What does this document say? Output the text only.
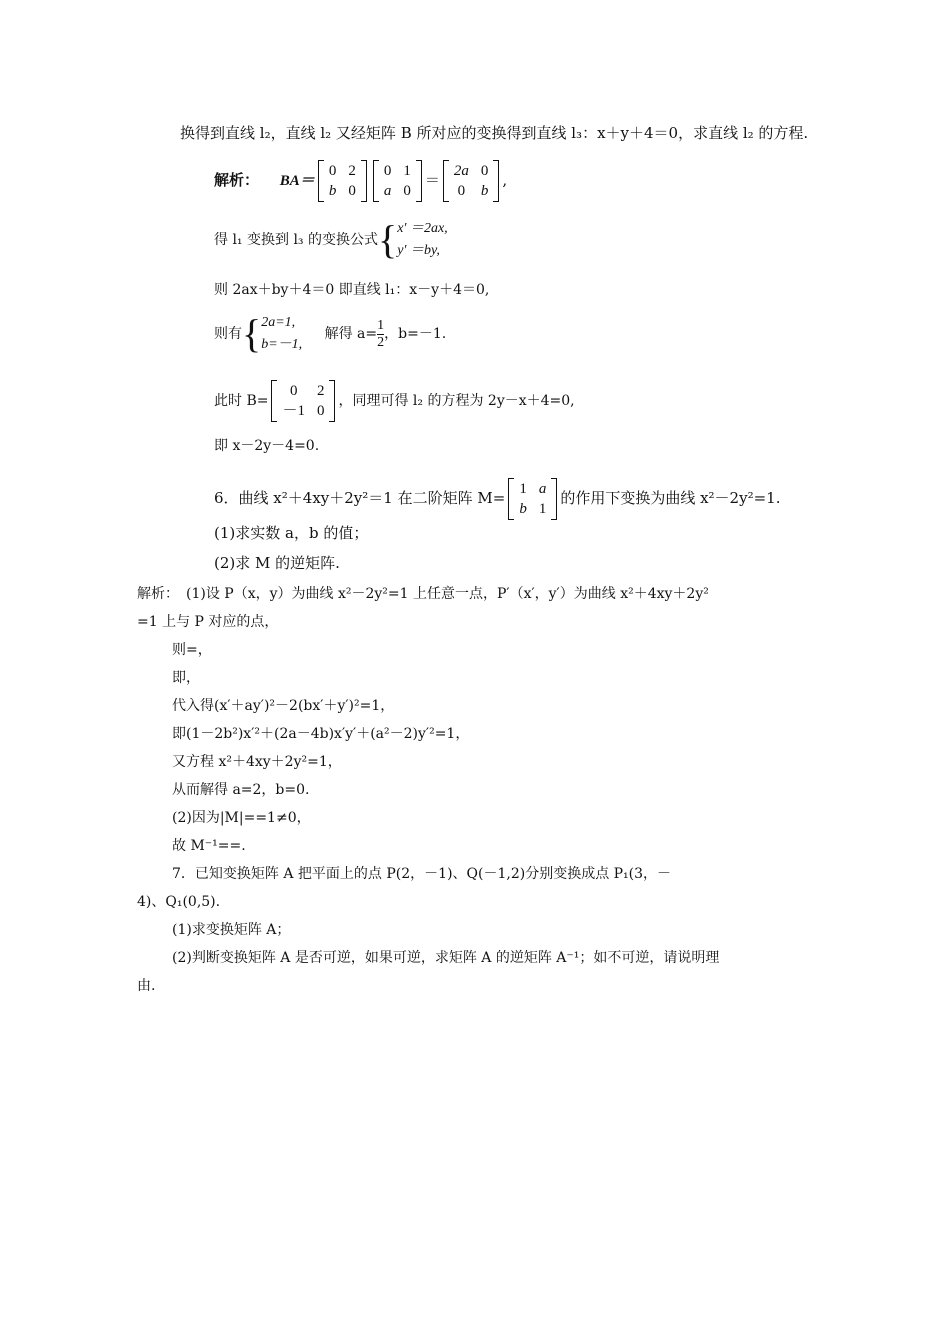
换得到直线 l₂，直线 l₂ 又经矩阵 B 所对应的变换得到直线 l₃：x＋y＋4＝0，求直线 l₂ 的方程.
解析： BA＝
0	2
b	0
0	1
a	0
＝ 2a	0
0	b
,
得 l₁ 变换到 l₃ 的变换公式{ x′ ＝2ax,
y′ ＝by,
则 2ax＋by＋4＝0 即直线 l₁：x－y＋4＝0,
则有{ 2a=1,
b=－1,
解得 $a= \frac{1}{2}$ ，b=－1.
此时 B=
0	2
－1	0
，同理可得 l₂ 的方程为 2y－x＋4=0,
即 x－2y－4=0.
6．曲线 x²＋4xy＋2y²＝1 在二阶矩阵 M= 1	a
b	1
的作用下变换为曲线 x²－2y²=1.
(1)求实数 a，b 的值；
(2)求 M 的逆矩阵.
解析：　(1)设 P（x，y）为曲线 x²－2y²=1 上任意一点，P′（x′，y′）为曲线 x²＋4xy＋2y²
=1 上与 P 对应的点，
则=，
即，
代入得(x′＋ay′)²－2(bx′＋y′)²=1，
即(1－2b²)x′²＋(2a－4b)x′y′＋(a²－2)y′²=1，
又方程 x²＋4xy＋2y²=1，
从而解得 a=2，b=0.
(2)因为|M|==1≠0，
故 M⁻¹==.
7．已知变换矩阵 A 把平面上的点 P(2，－1)、Q(－1,2)分别变换成点 P₁(3，－
4)、Q₁(0,5).
(1)求变换矩阵 A；
(2)判断变换矩阵 A 是否可逆，如果可逆，求矩阵 A 的逆矩阵 A⁻¹；如不可逆，请说明理
由.
